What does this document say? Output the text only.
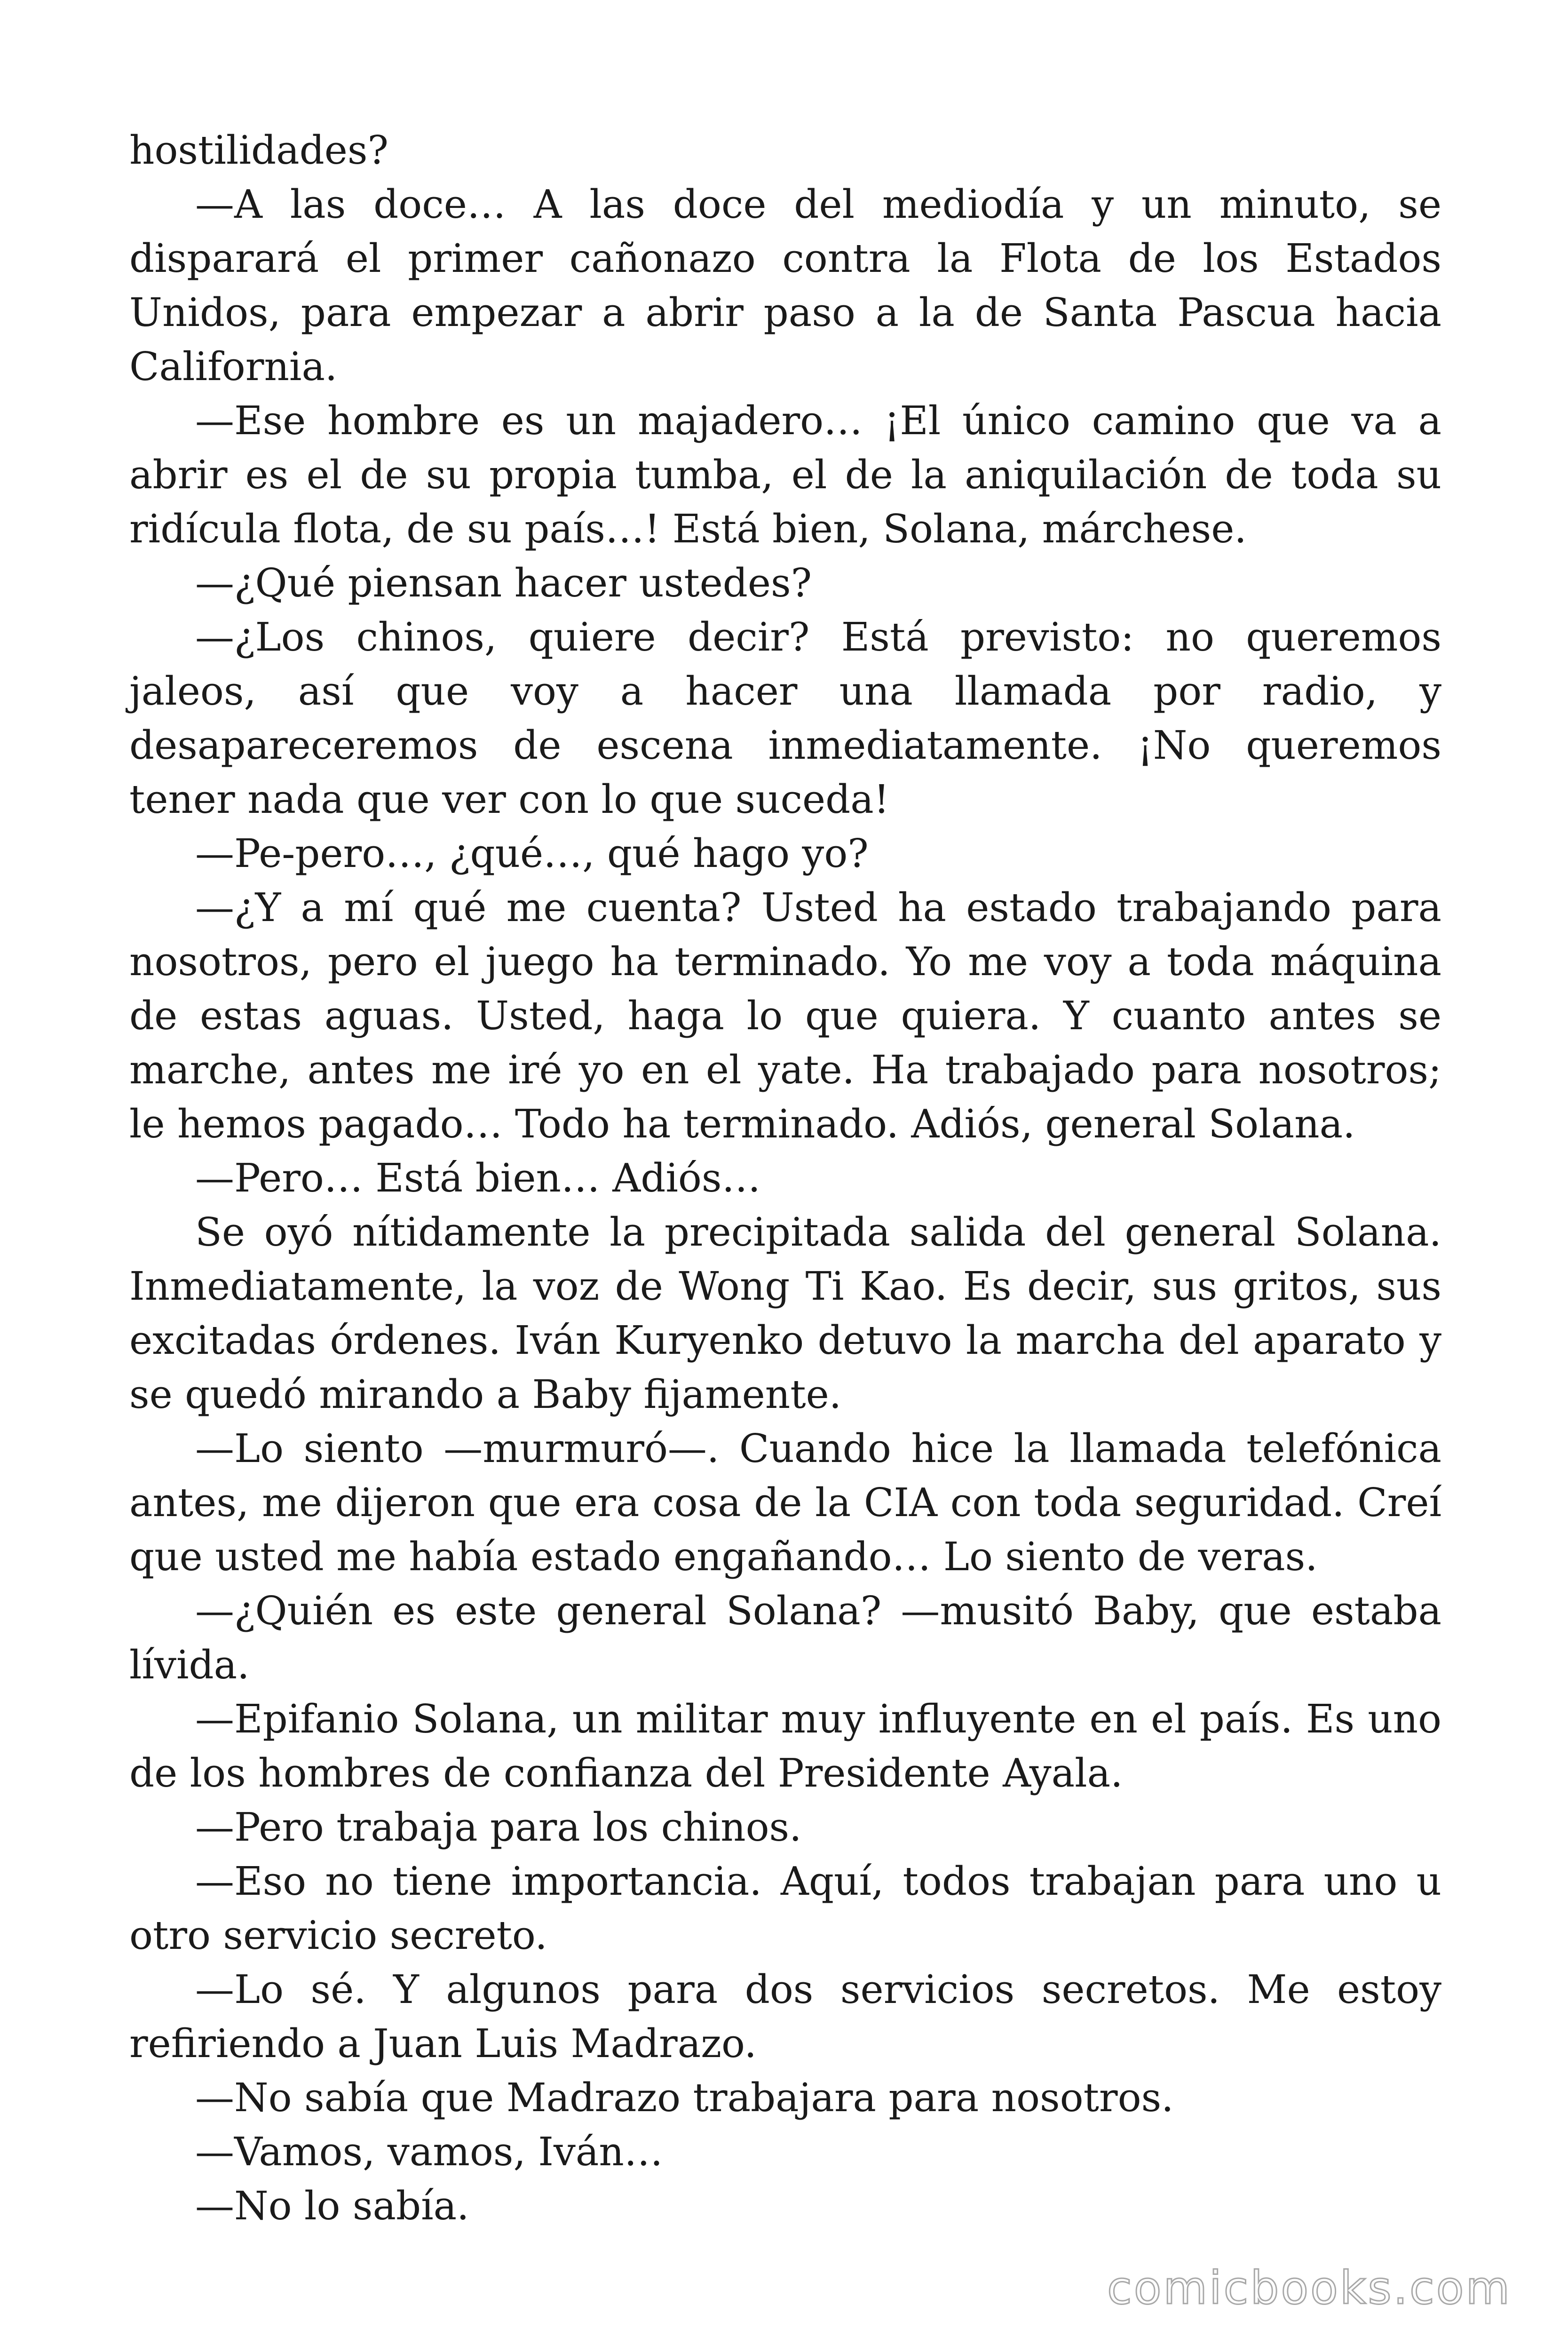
hostilidades?

—A las doce… A las doce del mediodía y un minuto, se disparará el primer cañonazo contra la Flota de los Estados Unidos, para empezar a abrir paso a la de Santa Pascua hacia California.

—Ese hombre es un majadero… ¡El único camino que va a abrir es el de su propia tumba, el de la aniquilación de toda su ridícula flota, de su país…! Está bien, Solana, márchese.

—¿Qué piensan hacer ustedes?

—¿Los chinos, quiere decir? Está previsto: no queremos jaleos, así que voy a hacer una llamada por radio, y desapareceremos de escena inmediatamente. ¡No queremos tener nada que ver con lo que suceda!

—Pe-pero…, ¿qué…, qué hago yo?

—¿Y a mí qué me cuenta? Usted ha estado trabajando para nosotros, pero el juego ha terminado. Yo me voy a toda máquina de estas aguas. Usted, haga lo que quiera. Y cuanto antes se marche, antes me iré yo en el yate. Ha trabajado para nosotros; le hemos pagado… Todo ha terminado. Adiós, general Solana.

—Pero… Está bien… Adiós…

Se oyó nítidamente la precipitada salida del general Solana. Inmediatamente, la voz de Wong Ti Kao. Es decir, sus gritos, sus excitadas órdenes. Iván Kuryenko detuvo la marcha del aparato y se quedó mirando a Baby fijamente.

—Lo siento —murmuró—. Cuando hice la llamada telefónica antes, me dijeron que era cosa de la CIA con toda seguridad. Creí que usted me había estado engañando… Lo siento de veras.

—¿Quién es este general Solana? —musitó Baby, que estaba lívida.

—Epifanio Solana, un militar muy influyente en el país. Es uno de los hombres de confianza del Presidente Ayala.

—Pero trabaja para los chinos.

—Eso no tiene importancia. Aquí, todos trabajan para uno u otro servicio secreto.

—Lo sé. Y algunos para dos servicios secretos. Me estoy refiriendo a Juan Luis Madrazo.

—No sabía que Madrazo trabajara para nosotros.

—Vamos, vamos, Iván…

—No lo sabía.

comicbooks.com
